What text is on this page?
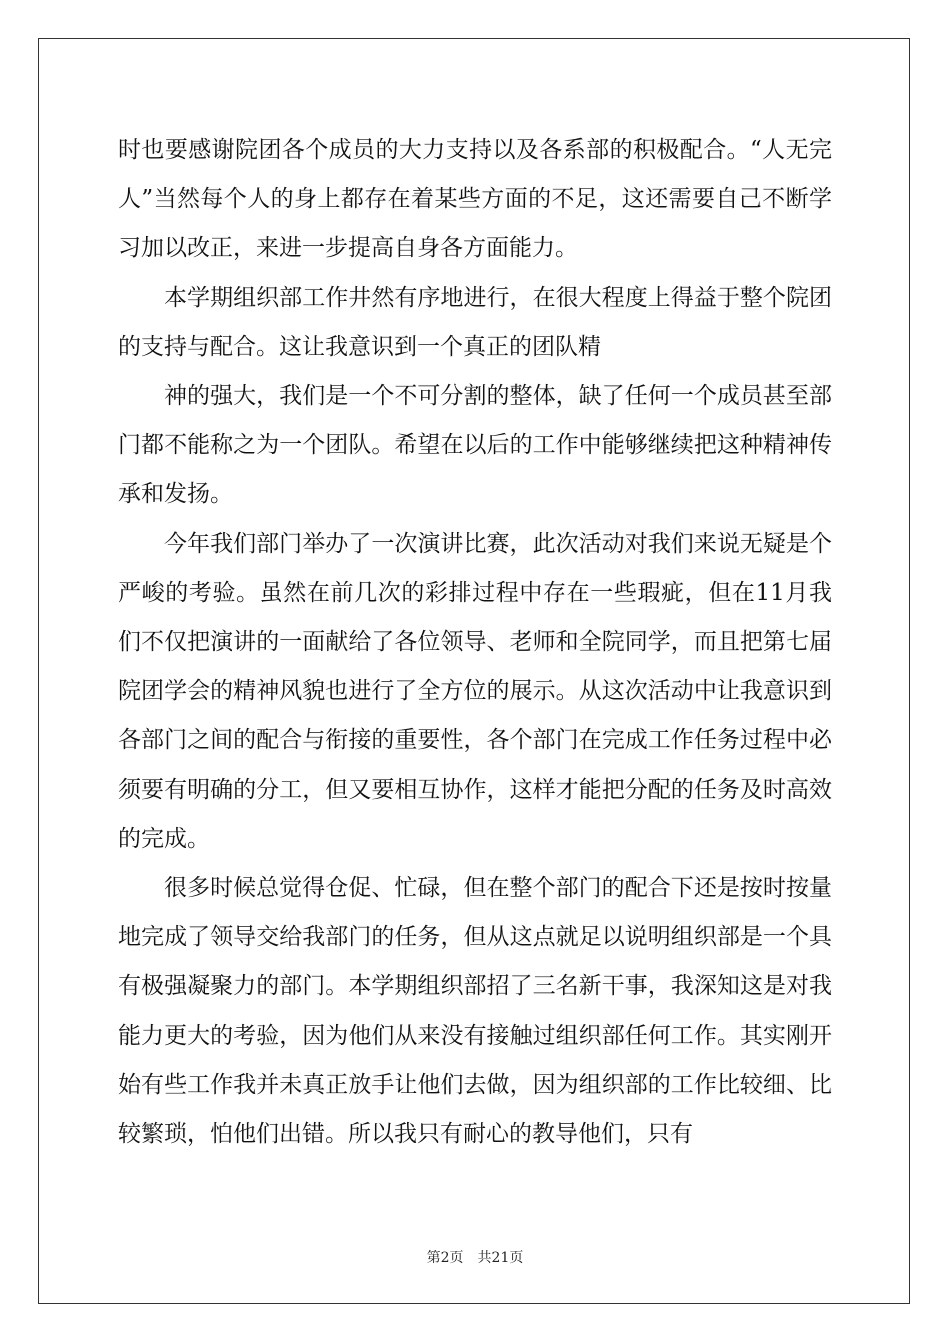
时也要感谢院团各个成员的大力支持以及各系部的积极配合。“人无完人”当然每个人的身上都存在着某些方面的不足，这还需要自己不断学习加以改正，来进一步提高自身各方面能力。

本学期组织部工作井然有序地进行，在很大程度上得益于整个院团的支持与配合。这让我意识到一个真正的团队精

神的强大，我们是一个不可分割的整体，缺了任何一个成员甚至部门都不能称之为一个团队。希望在以后的工作中能够继续把这种精神传承和发扬。

今年我们部门举办了一次演讲比赛，此次活动对我们来说无疑是个严峻的考验。虽然在前几次的彩排过程中存在一些瑕疵，但在11月我们不仅把演讲的一面献给了各位领导、老师和全院同学，而且把第七届院团学会的精神风貌也进行了全方位的展示。从这次活动中让我意识到各部门之间的配合与衔接的重要性，各个部门在完成工作任务过程中必须要有明确的分工，但又要相互协作，这样才能把分配的任务及时高效的完成。

很多时候总觉得仓促、忙碌，但在整个部门的配合下还是按时按量地完成了领导交给我部门的任务，但从这点就足以说明组织部是一个具有极强凝聚力的部门。本学期组织部招了三名新干事，我深知这是对我能力更大的考验，因为他们从来没有接触过组织部任何工作。其实刚开始有些工作我并未真正放手让他们去做，因为组织部的工作比较细、比较繁琐，怕他们出错。所以我只有耐心的教导他们，只有

第2页 共21页
